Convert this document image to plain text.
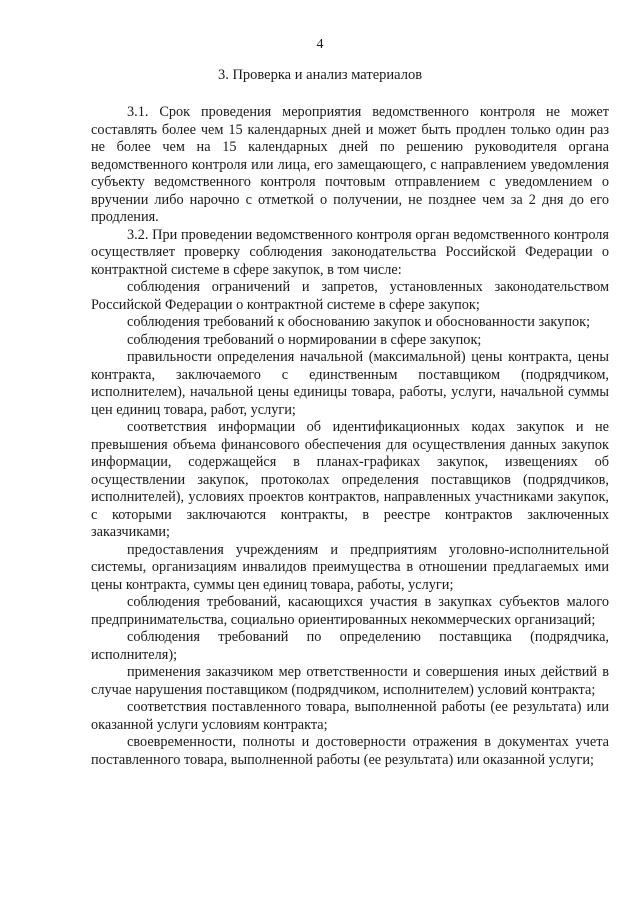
4
3. Проверка и анализ материалов

3.1. Срок проведения мероприятия ведомственного контроля не может составлять более чем 15 календарных дней и может быть продлен только один раз не более чем на 15 календарных дней по решению руководителя органа ведомственного контроля или лица, его замещающего, с направлением уведомления субъекту ведомственного контроля почтовым отправлением с уведомлением о вручении либо нарочно с отметкой о получении, не позднее чем за 2 дня до его продления.

3.2. При проведении ведомственного контроля орган ведомственного контроля осуществляет проверку соблюдения законодательства Российской Федерации о контрактной системе в сфере закупок, в том числе:

соблюдения ограничений и запретов, установленных законодательством Российской Федерации о контрактной системе в сфере закупок;

соблюдения требований к обоснованию закупок и обоснованности закупок;

соблюдения требований о нормировании в сфере закупок;

правильности определения начальной (максимальной) цены контракта, цены контракта, заключаемого с единственным поставщиком (подрядчиком, исполнителем), начальной цены единицы товара, работы, услуги, начальной суммы цен единиц товара, работ, услуги;

соответствия информации об идентификационных кодах закупок и не превышения объема финансового обеспечения для осуществления данных закупок информации, содержащейся в планах-графиках закупок, извещениях об осуществлении закупок, протоколах определения поставщиков (подрядчиков, исполнителей), условиях проектов контрактов, направленных участниками закупок, с которыми заключаются контракты, в реестре контрактов заключенных заказчиками;

предоставления учреждениям и предприятиям уголовно-исполнительной системы, организациям инвалидов преимущества в отношении предлагаемых ими цены контракта, суммы цен единиц товара, работы, услуги;

соблюдения требований, касающихся участия в закупках субъектов малого предпринимательства, социально ориентированных некоммерческих организаций;

соблюдения требований по определению поставщика (подрядчика, исполнителя);

применения заказчиком мер ответственности и совершения иных действий в случае нарушения поставщиком (подрядчиком, исполнителем) условий контракта;

соответствия поставленного товара, выполненной работы (ее результата) или оказанной услуги условиям контракта;

своевременности, полноты и достоверности отражения в документах учета поставленного товара, выполненной работы (ее результата) или оказанной услуги;
